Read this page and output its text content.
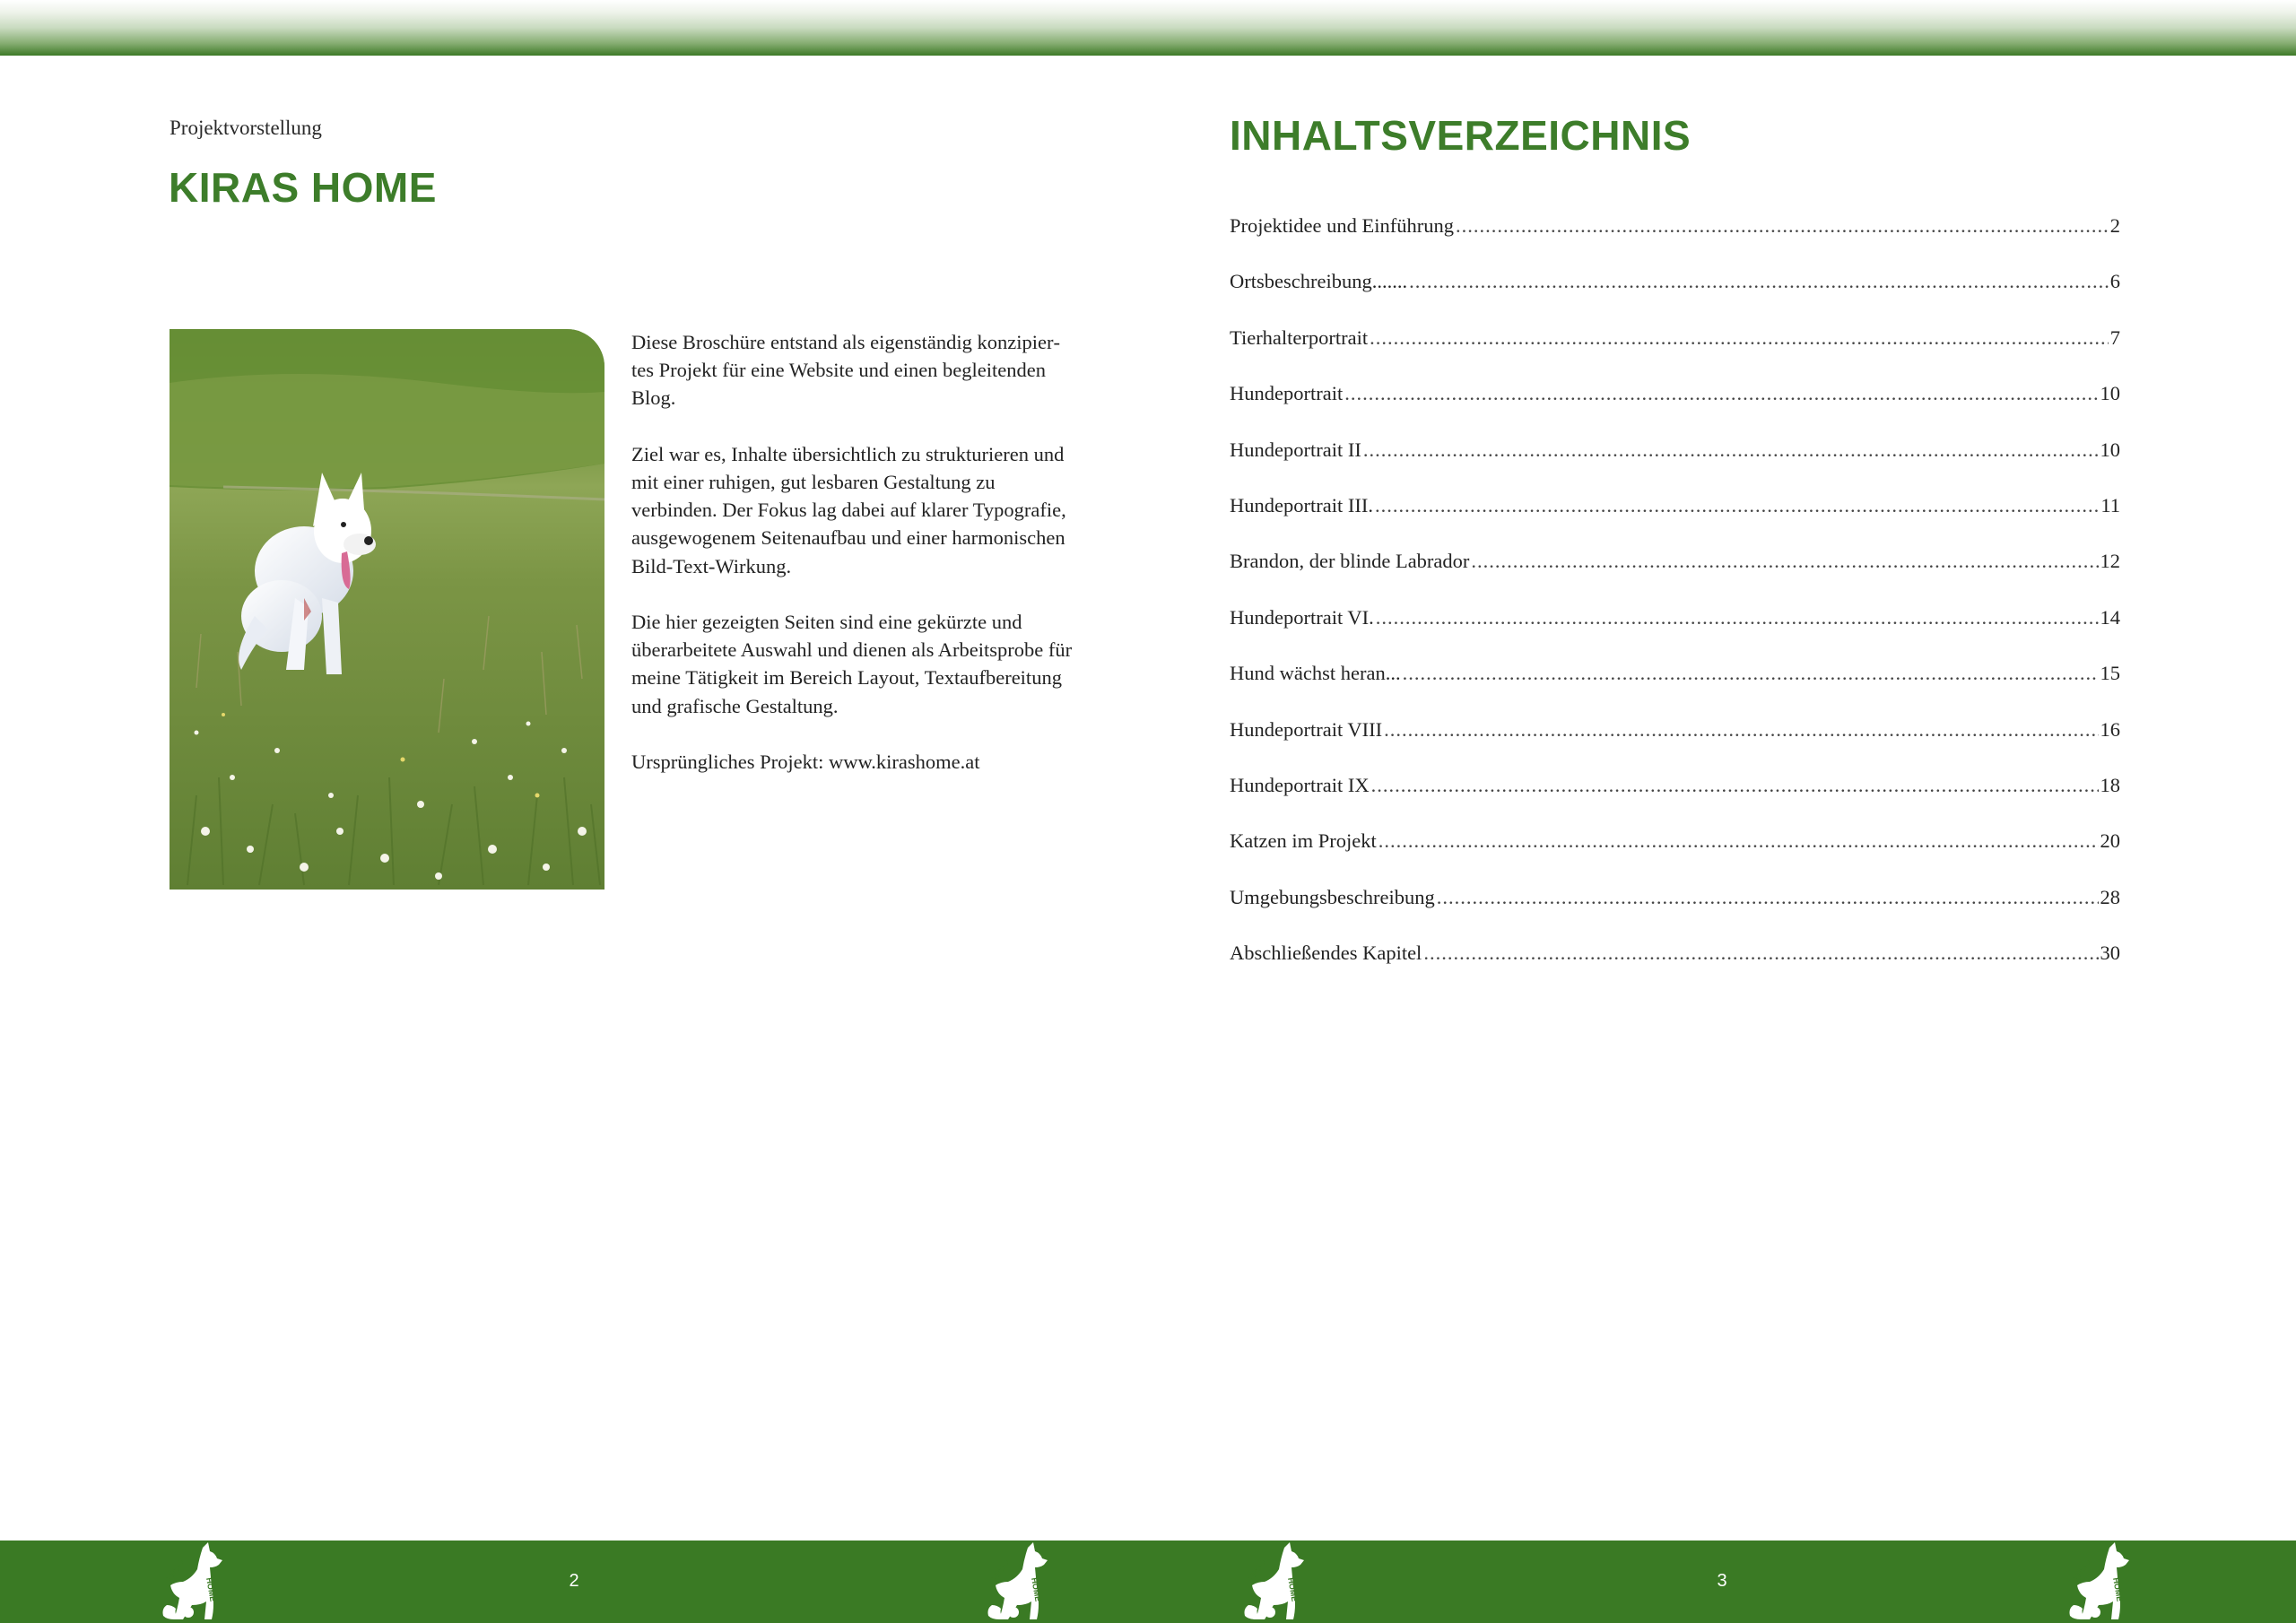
Projektvorstellung
KIRAS HOME

Diese Broschüre entstand als eigenständig konzipiertes Projekt für eine Website und einen begleitenden Blog.

Ziel war es, Inhalte übersichtlich zu strukturieren und mit einer ruhigen, gut lesbaren Gestaltung zu verbinden. Der Fokus lag dabei auf klarer Typografie, ausgewogenem Seitenaufbau und einer harmonischen Bild-Text-Wirkung.

Die hier gezeigten Seiten sind eine gekürzte und überarbeitete Auswahl und dienen als Arbeitsprobe für meine Tätigkeit im Bereich Layout, Textaufbereitung und grafische Gestaltung.

Ursprüngliches Projekt: www.kirashome.at

INHALTSVERZEICHNIS
Projektidee und Einführung .....	2
Ortsbeschreibung....... .....	6
Tierhalterportrait .....	7
Hundeportrait .....	10
Hundeportrait II .....	10
Hundeportrait III. .....	11
Brandon, der blinde Labrador .....	12
Hundeportrait VI. .....	14
Hund wächst heran... .....	15
Hundeportrait VIII .....	16
Hundeportrait IX .....	18
Katzen im Projekt .....	20
Umgebungsbeschreibung .....	28
Abschließendes Kapitel .....	30
KIRAS
HOME
KIRAS
HOME
KIRAS
HOME
KIRAS
HOME
2	3
